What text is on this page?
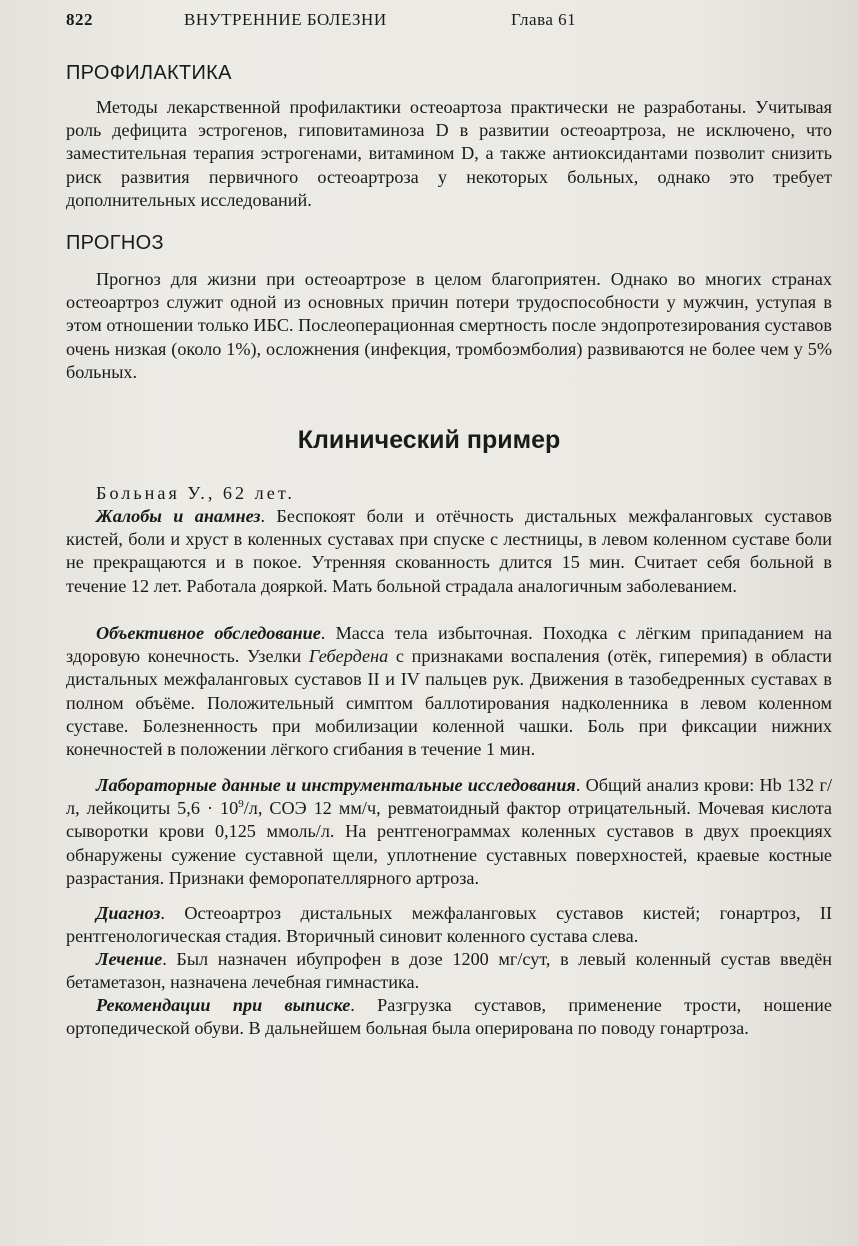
822	ВНУТРЕННИЕ БОЛЕЗНИ	Глава 61
ПРОФИЛАКТИКА

Методы лекарственной профилактики остеоартоза практически не разработаны. Учитывая роль дефицита эстрогенов, гиповитаминоза D в развитии остеоартроза, не исключено, что заместительная терапия эстрогенами, витамином D, а также антиоксидантами позволит снизить риск развития первичного остеоартроза у некоторых больных, однако это требует дополнительных исследований.

ПРОГНОЗ

Прогноз для жизни при остеоартрозе в целом благоприятен. Однако во многих странах остеоартроз служит одной из основных причин потери трудоспособности у мужчин, уступая в этом отношении только ИБС. Послеоперационная смертность после эндопротезирования суставов очень низкая (около 1%), осложнения (инфекция, тромбоэмболия) развиваются не более чем у 5% больных.

Клинический пример

Больная У., 62 лет.

Жалобы и анамнез. Беспокоят боли и отёчность дистальных межфаланговых суставов кистей, боли и хруст в коленных суставах при спуске с лестницы, в левом коленном суставе боли не прекращаются и в покое. Утренняя скованность длится 15 мин. Считает себя больной в течение 12 лет. Работала дояркой. Мать больной страдала аналогичным заболеванием.

Объективное обследование. Масса тела избыточная. Походка с лёгким припаданием на здоровую конечность. Узелки Гебердена с признаками воспаления (отёк, гиперемия) в области дистальных межфаланговых суставов II и IV пальцев рук. Движения в тазобедренных суставах в полном объёме. Положительный симптом баллотирования надколенника в левом коленном суставе. Болезненность при мобилизации коленной чашки. Боль при фиксации нижних конечностей в положении лёгкого сгибания в течение 1 мин.

Лабораторные данные и инструментальные исследования. Общий анализ крови: Hb 132 г/л, лейкоциты $5,6 \cdot 10^9/л$, СОЭ 12 мм/ч, ревматоидный фактор отрицательный. Мочевая кислота сыворотки крови 0,125 ммоль/л. На рентгенограммах коленных суставов в двух проекциях обнаружены сужение суставной щели, уплотнение суставных поверхностей, краевые костные разрастания. Признаки феморопателлярного артроза.

Диагноз. Остеоартроз дистальных межфаланговых суставов кистей; гонартроз, II рентгенологическая стадия. Вторичный синовит коленного сустава слева.

Лечение. Был назначен ибупрофен в дозе 1200 мг/сут, в левый коленный сустав введён бетаметазон, назначена лечебная гимнастика.

Рекомендации при выписке. Разгрузка суставов, применение трости, ношение ортопедической обуви. В дальнейшем больная была оперирована по поводу гонартроза.
